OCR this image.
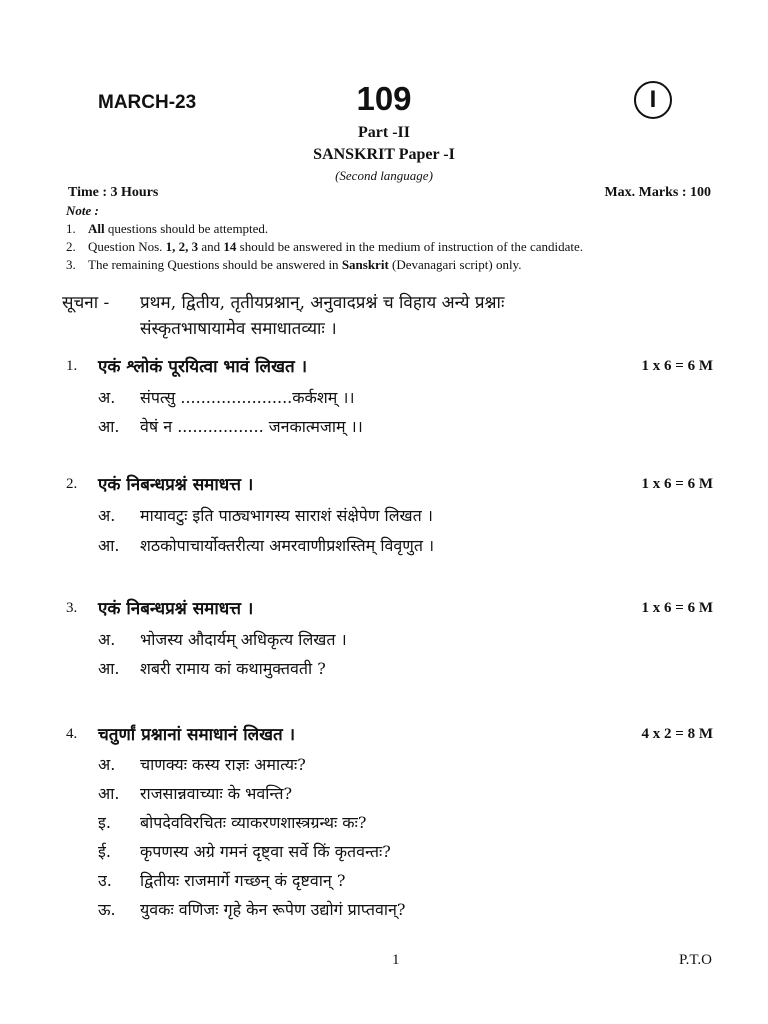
MARCH-23	109	I
Part -II
SANSKRIT Paper -I
(Second language)
Time : 3 Hours	Max. Marks : 100
Note :
1. All questions should be attempted.
2. Question Nos. 1, 2, 3 and 14 should be answered in the medium of instruction of the candidate.
3. The remaining Questions should be answered in Sanskrit (Devanagari script) only.
सूचना - प्रथम, द्वितीय, तृतीयप्रश्नान्, अनुवादप्रश्नं च विहाय अन्ये प्रश्नाः
संस्कृतभाषायामेव समाधातव्याः ।
1. एकं श्लोकं पूरयित्वा भावं लिखत ।	1 x 6 = 6 M
अ. संपत्सु ......................कर्कशम् ।।
आ. वेषं न ................. जनकात्मजाम् ।।
2. एकं निबन्धप्रश्नं समाधत्त ।	1 x 6 = 6 M
अ. मायावटुः इति पाठ्यभागस्य साराशं संक्षेपेण लिखत ।
आ. शठकोपाचार्योक्तरीत्या अमरवाणीप्रशस्तिम् विवृणुत ।
3. एकं निबन्धप्रश्नं समाधत्त ।	1 x 6 = 6 M
अ. भोजस्य औदार्यम् अधिकृत्य लिखत ।
आ. शबरी रामाय कां कथामुक्तवती ?
4. चतुर्णां प्रश्नानां समाधानं लिखत ।	4 x 2 = 8 M
अ. चाणक्यः कस्य राज्ञः अमात्यः?
आ. राजसान्नवाच्याः के भवन्ति?
इ. बोपदेवविरचितः व्याकरणशास्त्रग्रन्थः कः?
ई. कृपणस्य अग्रे गमनं दृष्ट्वा सर्वे किं कृतवन्तः?
उ. द्वितीयः राजमार्गे गच्छन् कं दृष्टवान् ?
ऊ. युवकः वणिजः गृहे केन रूपेण उद्योगं प्राप्तवान्?
1	P.T.O
